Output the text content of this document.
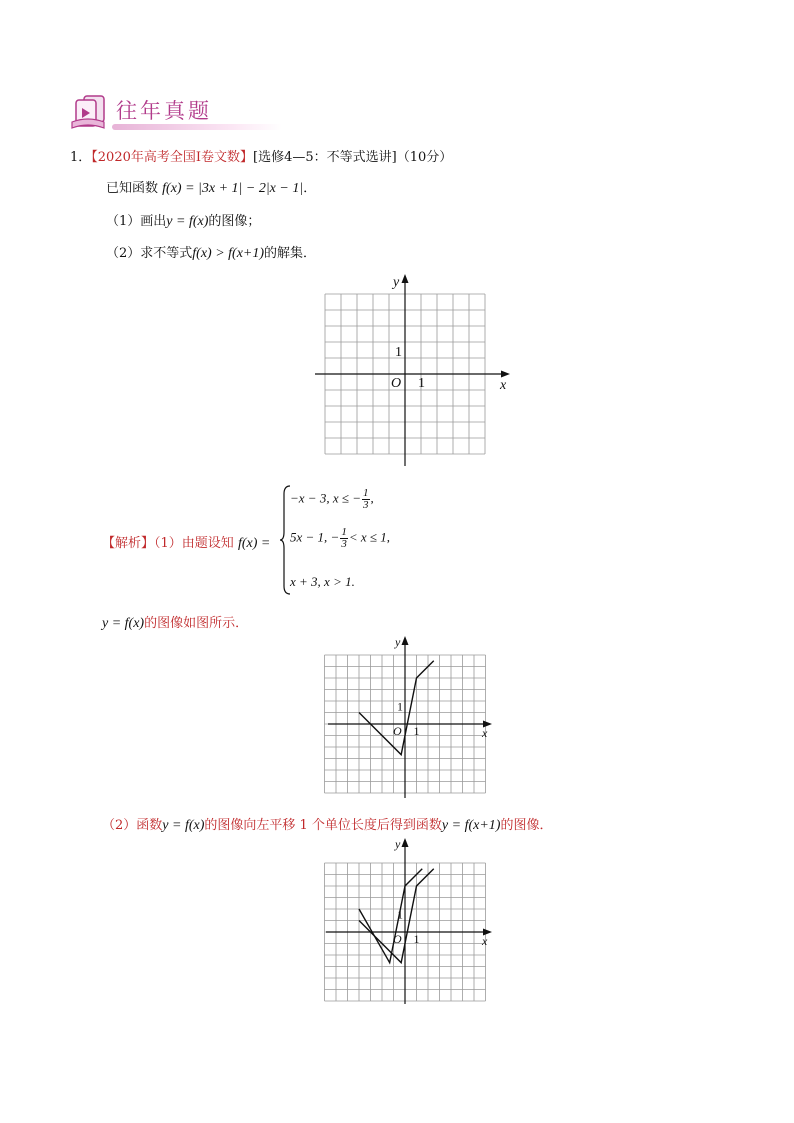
往年真题
1．【2020年高考全国Ⅰ卷文数】[选修4—5：不等式选讲]（10分）
已知函数 f(x) = |3x + 1| − 2|x − 1|．
（1）画出y = f(x)的图像；
（2）求不等式f(x) > f(x+1)的解集．
x
y
O 1
1
【解析】（1）由题设知 f(x) =
−x − 3, x ≤ − $\frac{1}{3}$ ,
5x − 1, − $\frac{1}{3} < x \le 1$,
x + 3, x > 1.
y = f(x)的图像如图所示．
x
y
O 1
1
（2）函数y = f(x)的图像向左平移 1 个单位长度后得到函数y = f(x+1)的图像．
x
y
O 1
1
